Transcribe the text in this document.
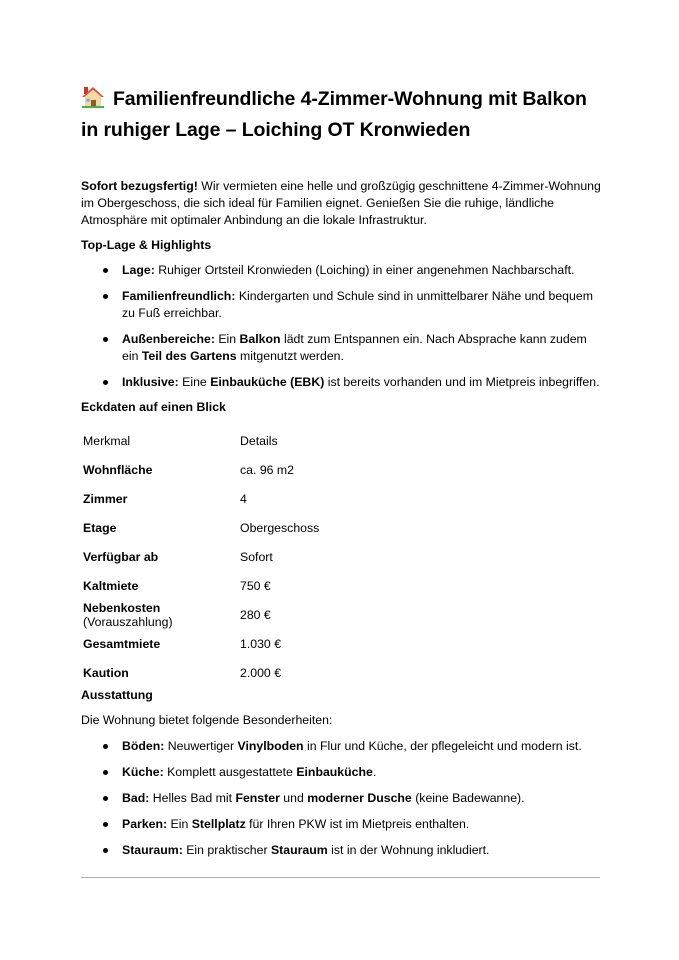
Familienfreundliche 4-Zimmer-Wohnung mit Balkon in ruhiger Lage – Loiching OT Kronwieden

Sofort bezugsfertig! Wir vermieten eine helle und großzügig geschnittene 4-Zimmer-Wohnung im Obergeschoss, die sich ideal für Familien eignet. Genießen Sie die ruhige, ländliche Atmosphäre mit optimaler Anbindung an die lokale Infrastruktur.

Top-Lage & Highlights
Lage: Ruhiger Ortsteil Kronwieden (Loiching) in einer angenehmen Nachbarschaft.
Familienfreundlich: Kindergarten und Schule sind in unmittelbarer Nähe und bequem zu Fuß erreichbar.
Außenbereiche: Ein Balkon lädt zum Entspannen ein. Nach Absprache kann zudem ein Teil des Gartens mitgenutzt werden.
Inklusive: Eine Einbauküche (EBK) ist bereits vorhanden und im Mietpreis inbegriffen.
Eckdaten auf einen Blick
Merkmal	Details
Wohnfläche	ca. 96 m2
Zimmer	4
Etage	Obergeschoss
Verfügbar ab	Sofort
Kaltmiete	750 €
Nebenkosten (Vorauszahlung)	280 €
Gesamtmiete	1.030 €
Kaution	2.000 €
Ausstattung

Die Wohnung bietet folgende Besonderheiten:

Böden: Neuwertiger Vinylboden in Flur und Küche, der pflegeleicht und modern ist.
Küche: Komplett ausgestattete Einbauküche.
Bad: Helles Bad mit Fenster und moderner Dusche (keine Badewanne).
Parken: Ein Stellplatz für Ihren PKW ist im Mietpreis enthalten.
Stauraum: Ein praktischer Stauraum ist in der Wohnung inkludiert.
